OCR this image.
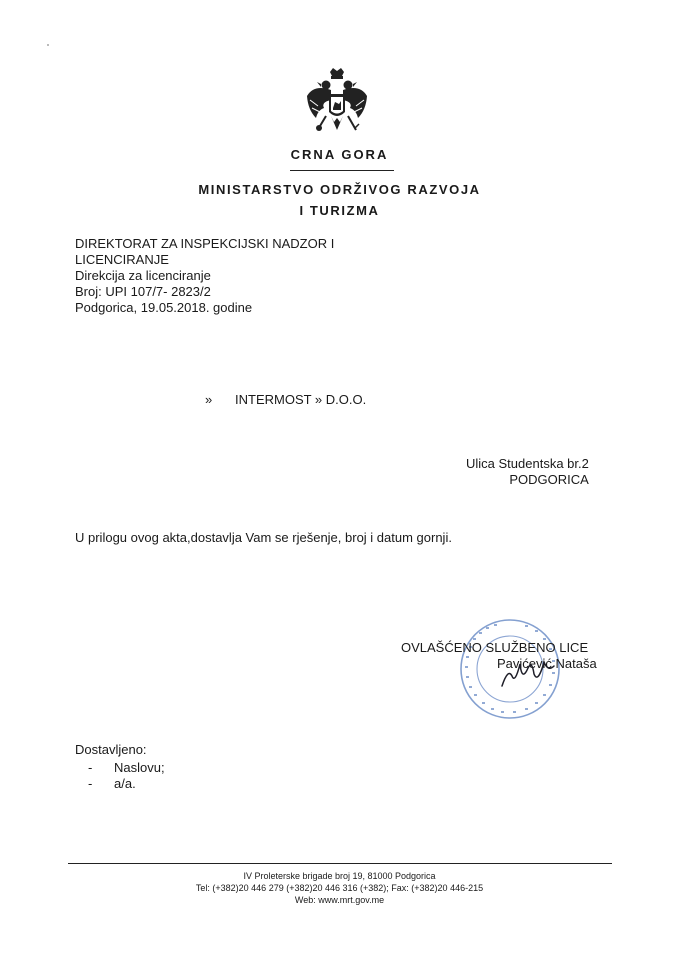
CRNA GORA
MINISTARSTVO ODRŽIVOG RAZVOJA
I TURIZMA
DIREKTORAT ZA INSPEKCIJSKI NADZOR I
LICENCIRANJE
Direkcija za licenciranje
Broj: UPI 107/7- 2823/2
Podgorica, 19.05.2018. godine
» INTERMOST » D.O.O.
Ulica Studentska br.2
PODGORICA
U prilogu ovog akta,dostavlja Vam se rješenje, broj i datum gornji.
OVLAŠĆENO SLUŽBENO LICE
Pavićević Nataša
Dostavljeno:
- Naslovu;
- a/a.
IV Proleterske brigade broj 19, 81000 Podgorica
Tel: (+382)20 446 279 (+382)20 446 316 (+382); Fax: (+382)20 446-215
Web: www.mrt.gov.me
